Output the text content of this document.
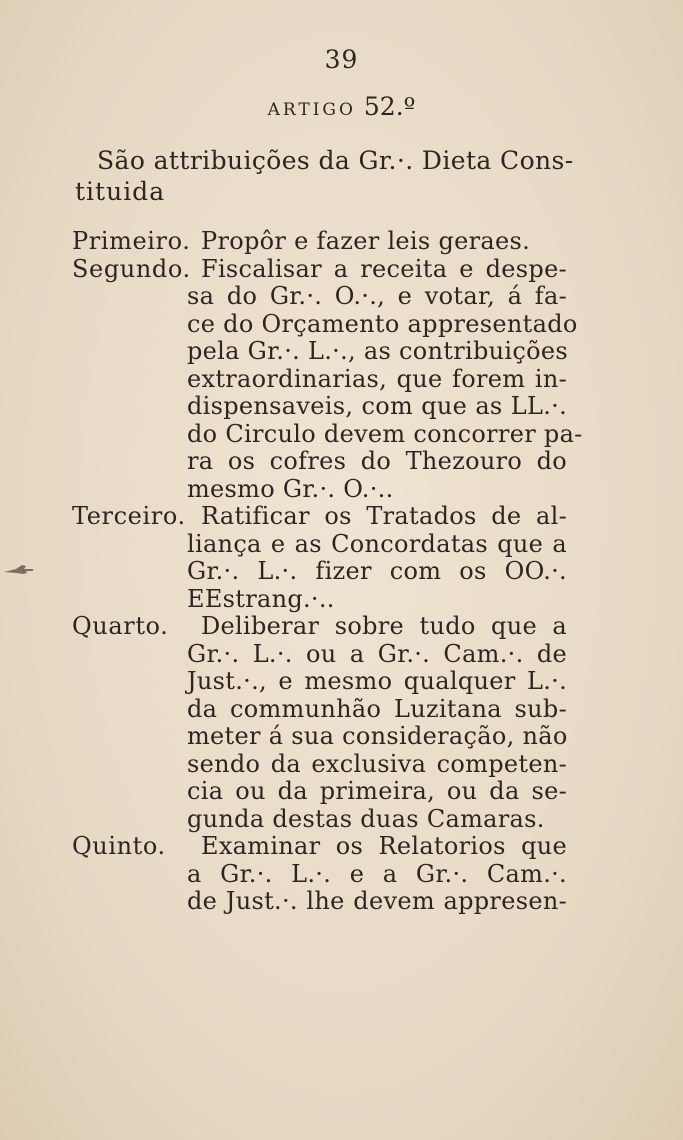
39
ARTIGO 52.º
São attribuições da Gr.·. Dieta Cons-
tituida
Primeiro. Propôr e fazer leis geraes.
Segundo. Fiscalisar a receita e despe-
sa do Gr.·. O.·., e votar, á fa-
ce do Orçamento appresentado
pela Gr.·. L.·., as contribuições
extraordinarias, que forem in-
dispensaveis, com que as LL.·.
do Circulo devem concorrer pa-
ra os cofres do Thezouro do
mesmo Gr.·. O.·..
Terceiro. Ratificar os Tratados de al-
liança e as Concordatas que a
Gr.·. L.·. fizer com os OO.·.
EEstrang.·..
Quarto.	Deliberar sobre tudo que a
Gr.·. L.·. ou a Gr.·. Cam.·. de
Just.·., e mesmo qualquer L.·.
da communhão Luzitana sub-
meter á sua consideração, não
sendo da exclusiva competen-
cia ou da primeira, ou da se-
gunda destas duas Camaras.
Quinto.	Examinar os Relatorios que
a Gr.·. L.·. e a Gr.·. Cam.·.
de Just.·. lhe devem appresen-
